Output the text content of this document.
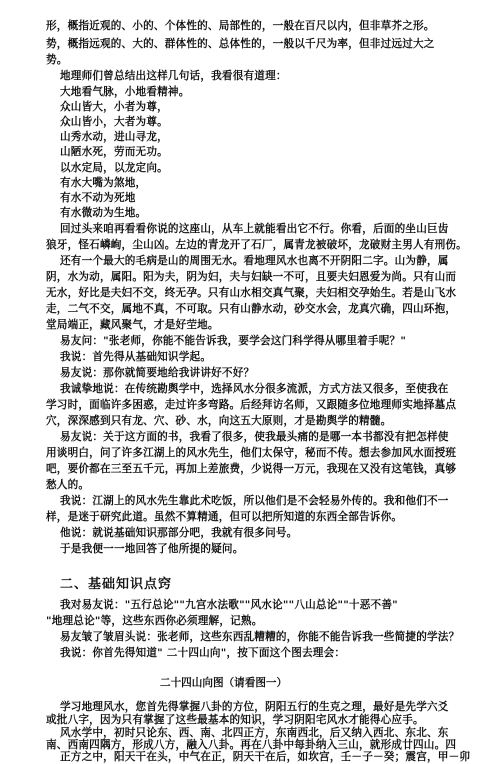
形，概指近观的、小的、个体性的、局部性的，一般在百尺以内，但非草芥之形。
势，概指远观的、大的、群体性的、总体性的，一般以千尺为率，但非过远过大之
势。
地理师们曾总结出这样几句话，我看很有道理：
大地看气脉，小地看精神。
众山皆大，小者为尊，
众山皆小，大者为尊。
山秀水动，进山寻龙，
山陋水死，劳而无功。
以水定局，以龙定向。
有水大嘴为煞地，
有水不动为死地
有水微动为生地。
回过头来咱再看看你说的这座山，从车上就能看出它不行。你看，后面的坐山巨齿
狼牙，怪石嶙峋，尘山凶。左边的青龙开了石厂，属青龙被破坏，龙破财主男人有刑伤。
还有一个最大的毛病是山的周围无水。看地理风水也离不开阴阳二字。山为静，属
阴，水为动，属阳。阳为夫，阴为妇，夫与妇缺一不可，且要夫妇恩爱为尚。只有山而
无水，好比是夫妇不交，终无孕。只有山水相交真气聚，夫妇相交孕始生。若是山飞水
走，二气不交，属地不真，不可取。只有山静水动，砂交水会，龙真穴确，四山环抱，
堂局端正，藏风聚气，才是好茔地。
易友问："张老师，你能不能告诉我，要学会这门科学得从哪里着手呢？"
我说：首先得从基础知识学起。
易友说：那你就简要地给我讲讲好不好？
我诚挚地说：在传统勘舆学中，选择风水分很多流派，方式方法又很多，至使我在
学习时，面临许多困惑，走过许多弯路。后经拜访名师，又跟随多位地理师实地择墓点
穴，深深感到只有龙、穴、砂、水，向这五大原则，才是勘舆学的精髓。
易友说：关于这方面的书，我看了很多，使我最头痛的是哪一本书都没有把怎样使
用谈明白，问了许多江湖上的风水先生，他们太保守，秘而不传。想去参加风水面授班
吧，要价都在三至五千元，再加上差旅费，少说得一万元，我现在又没有这笔钱，真够
愁人的。
我说：江湖上的风水先生靠此术吃饭，所以他们是不会轻易外传的。我和他们不一
样，是迷于研究此道。虽然不算精通，但可以把所知道的东西全部告诉你。
他说：就说基础知识那部分吧，我就有很多问号。
于是我便一一地回答了他所提的疑问。
二、基础知识点窍
我对易友说："五行总论""九宫水法歌""风水论""八山总论""十恶不善"
"地理总论"等，这些东西你必须理解，记熟。
易友皱了皱眉头说：张老师，这些东西乱糟糟的，你能不能告诉我一些简捷的学法？
我说：你首先得知道" 二十四山向"，按下面这个图去理会：
二十四山向图（请看图一）
学习地理风水，您首先得掌握八卦的方位，阴阳五行的生克之理，最好是先学六爻
或批八字，因为只有掌握了这些最基本的知识，学习阴阳宅风水才能得心应手。
风水学中，初时只论东、西、南、北四正方，东南西北，后又纳入西北、东北、东
南、西南四隅方，形成八方，融入八卦。再在八卦中每卦纳入三山，就形成廿四山。四
正方之中，阳天干在头，中气在正，阴天干在后，如坎宫，壬－子－癸；震宫，甲－卯
